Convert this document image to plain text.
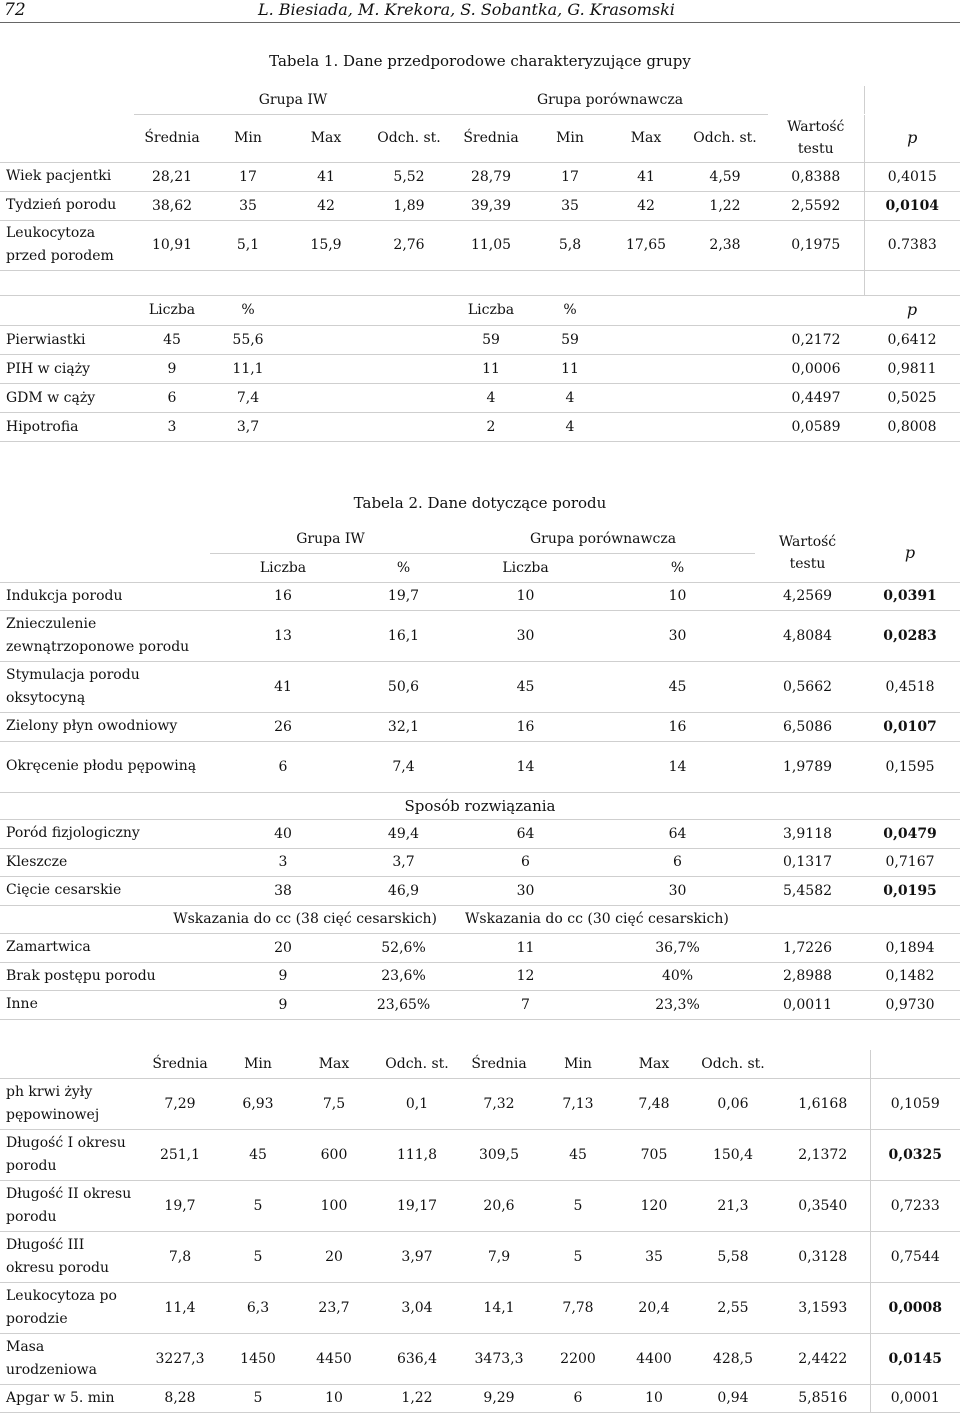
72	L. Biesiada, M. Krekora, S. Sobantka, G. Krasomski
Tabela 1. Dane przedporodowe charakteryzujące grupy
	Grupa IW				Grupa porównawcza					
	Średnia	Min	Max	Odch. st.	Średnia	Min	Max	Odch. st.	Wartość testu	p
Wiek pacjentki	28,21	17	41	5,52	28,79	17	41	4,59	0,8388	0,4015
Tydzień porodu	38,62	35	42	1,89	39,39	35	42	1,22	2,5592	0,0104
Leukocytoza przed porodem	10,91	5,1	15,9	2,76	11,05	5,8	17,65	2,38	0,1975	0.7383

	Liczba	%			Liczba	%				p
Pierwiastki	45	55,6			59	59			0,2172	0,6412
PIH w ciąży	9	11,1			11	11			0,0006	0,9811
GDM w cąży	6	7,4			4	4			0,4497	0,5025
Hipotrofia	3	3,7			2	4			0,0589	0,8008
Tabela 2. Dane dotyczące porodu
	Grupa IW		Grupa porównawcza		Wartość testu	p
	Liczba	%	Liczba	%		
Indukcja porodu	16	19,7	10	10	4,2569	0,0391
Znieczulenie zewnątrzoponowe porodu	13	16,1	30	30	4,8084	0,0283
Stymulacja porodu oksytocyną	41	50,6	45	45	0,5662	0,4518
Zielony płyn owodniowy	26	32,1	16	16	6,5086	0,0107
Okręcenie płodu pępowiną	6	7,4	14	14	1,9789	0,1595
Sposób rozwiązania						
Poród fizjologiczny	40	49,4	64	64	3,9118	0,0479
Kleszcze	3	3,7	6	6	0,1317	0,7167
Cięcie cesarskie	38	46,9	30	30	5,4582	0,0195
Wskazania do cc (38 cięć cesarskich)			Wskazania do cc (30 cięć cesarskich)			
Zamartwica	20	52,6%	11	36,7%	1,7226	0,1894
Brak postępu porodu	9	23,6%	12	40%	2,8988	0,1482
Inne	9	23,65%	7	23,3%	0,0011	0,9730
	Średnia	Min	Max	Odch. st.	Średnia	Min	Max	Odch. st.		
ph krwi żyły pępowinowej	7,29	6,93	7,5	0,1	7,32	7,13	7,48	0,06	1,6168	0,1059
Długość I okresu porodu	251,1	45	600	111,8	309,5	45	705	150,4	2,1372	0,0325
Długość II okresu porodu	19,7	5	100	19,17	20,6	5	120	21,3	0,3540	0,7233
Długość III okresu porodu	7,8	5	20	3,97	7,9	5	35	5,58	0,3128	0,7544
Leukocytoza po porodzie	11,4	6,3	23,7	3,04	14,1	7,78	20,4	2,55	3,1593	0,0008
Masa urodzeniowa	3227,3	1450	4450	636,4	3473,3	2200	4400	428,5	2,4422	0,0145
Apgar w 5. min	8,28	5	10	1,22	9,29	6	10	0,94	5,8516	0,0001
